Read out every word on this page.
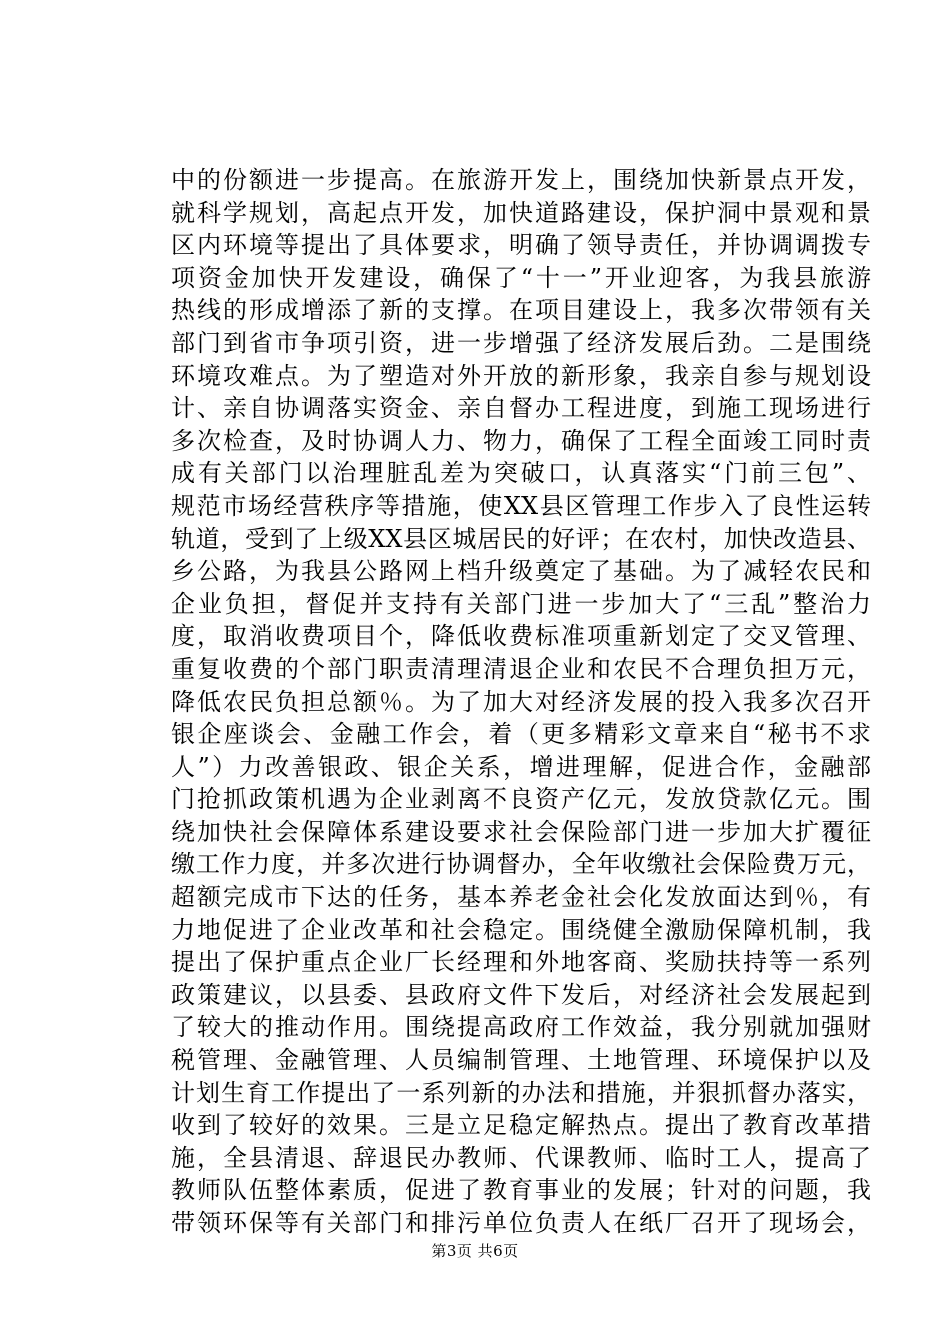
中的份额进一步提高。在旅游开发上，围绕加快新景点开发，
就科学规划，高起点开发，加快道路建设，保护洞中景观和景
区内环境等提出了具体要求，明确了领导责任，并协调调拨专
项资金加快开发建设，确保了“十一”开业迎客，为我县旅游
热线的形成增添了新的支撑。在项目建设上，我多次带领有关
部门到省市争项引资，进一步增强了经济发展后劲。二是围绕
环境攻难点。为了塑造对外开放的新形象，我亲自参与规划设
计、亲自协调落实资金、亲自督办工程进度，到施工现场进行
多次检查，及时协调人力、物力，确保了工程全面竣工同时责
成有关部门以治理脏乱差为突破口，认真落实“门前三包”、
规范市场经营秩序等措施，使XX县区管理工作步入了良性运转
轨道，受到了上级XX县区城居民的好评；在农村，加快改造县、
乡公路，为我县公路网上档升级奠定了基础。为了减轻农民和
企业负担，督促并支持有关部门进一步加大了“三乱”整治力
度，取消收费项目个，降低收费标准项重新划定了交叉管理、
重复收费的个部门职责清理清退企业和农民不合理负担万元，
降低农民负担总额％。为了加大对经济发展的投入我多次召开
银企座谈会、金融工作会，着（更多精彩文章来自“秘书不求
人”）力改善银政、银企关系，增进理解，促进合作，金融部
门抢抓政策机遇为企业剥离不良资产亿元，发放贷款亿元。围
绕加快社会保障体系建设要求社会保险部门进一步加大扩覆征
缴工作力度，并多次进行协调督办，全年收缴社会保险费万元，
超额完成市下达的任务，基本养老金社会化发放面达到％，有
力地促进了企业改革和社会稳定。围绕健全激励保障机制，我
提出了保护重点企业厂长经理和外地客商、奖励扶持等一系列
政策建议，以县委、县政府文件下发后，对经济社会发展起到
了较大的推动作用。围绕提高政府工作效益，我分别就加强财
税管理、金融管理、人员编制管理、土地管理、环境保护以及
计划生育工作提出了一系列新的办法和措施，并狠抓督办落实，
收到了较好的效果。三是立足稳定解热点。提出了教育改革措
施，全县清退、辞退民办教师、代课教师、临时工人，提高了
教师队伍整体素质，促进了教育事业的发展；针对的问题，我
带领环保等有关部门和排污单位负责人在纸厂召开了现场会，
第3页 共6页
